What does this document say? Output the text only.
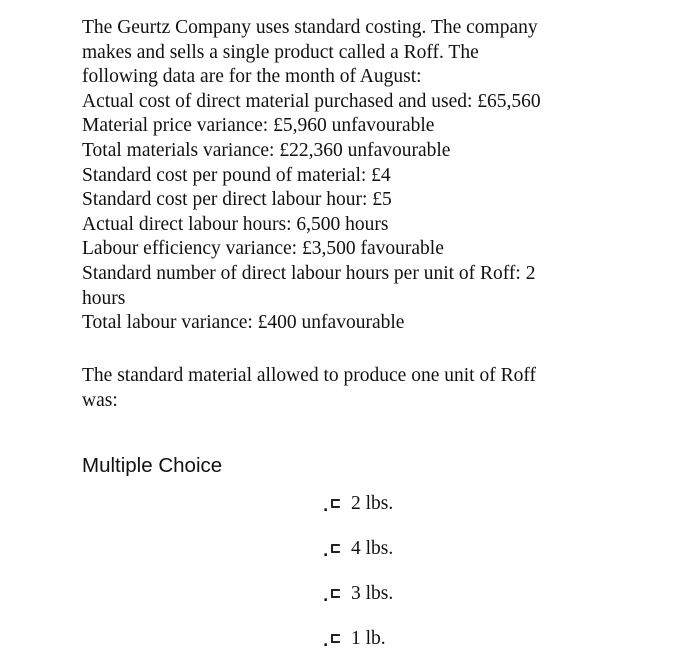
The Geurtz Company uses standard costing. The company
makes and sells a single product called a Roff. The
following data are for the month of August:
Actual cost of direct material purchased and used: £65,560
Material price variance: £5,960 unfavourable
Total materials variance: £22,360 unfavourable
Standard cost per pound of material: £4
Standard cost per direct labour hour: £5
Actual direct labour hours: 6,500 hours
Labour efficiency variance: £3,500 favourable
Standard number of direct labour hours per unit of Roff: 2
hours
Total labour variance: £400 unfavourable
The standard material allowed to produce one unit of Roff
was:
Multiple Choice
. 2 lbs.
. 4 lbs.
. 3 lbs.
. 1 lb.
